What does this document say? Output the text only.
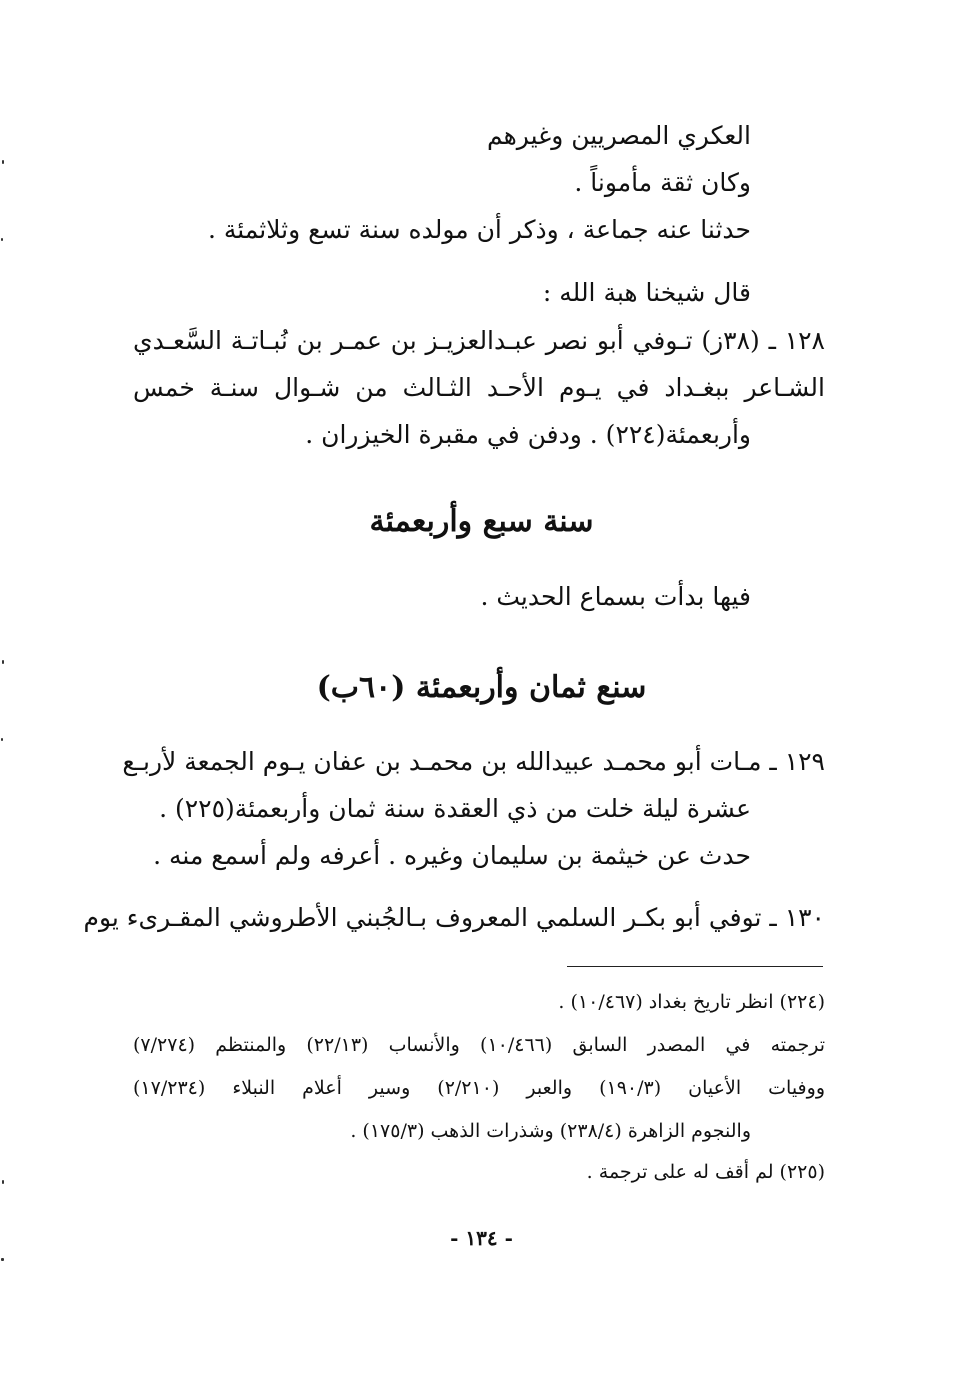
العكري المصريين وغيرهم
وكان ثقة مأموناً .
حدثنا عنه جماعة ، وذكر أن مولده سنة تسع وثلاثمئة .
قال شيخنا هبة الله :
١٢٨ ـ (٣٨ز) تـوفي أبو نصر عبـدالعزيـز بن عمـر بن نُبـاتـة السَّعـدي
الشـاعر ببغـداد في يـوم الأحـد الثـالث من شـوال سنـة خمس
وأربعمئة(٢٢٤) . ودفن في مقبرة الخيزران .
سنة سبع وأربعمئة
فيها بدأت بسماع الحديث .
سنع ثمان وأربعمئة (٦٠ب)
١٢٩ ـ مـات أبو محمـد عبيدالله بن محمـد بن عفان يـوم الجمعة لأربـع
عشرة ليلة خلت من ذي العقدة سنة ثمان وأربعمئة(٢٢٥) .
حدث عن خيثمة بن سليمان وغيره . أعرفه ولم أسمع منه .
١٣٠ ـ توفي أبو بكـر السلمي المعروف بـالجُبني الأطروشي المقـرىء يوم
(٢٢٤) انظر تاريخ بغداد (١٠/٤٦٧) .
ترجمته في المصدر السابق (١٠/٤٦٦) والأنساب (٢٢/١٣) والمنتظم (٧/٢٧٤)
ووفيات الأعيان (١٩٠/٣) والعبر (٢/٢١٠) وسير أعلام النبلاء (١٧/٢٣٤)
والنجوم الزاهرة (٢٣٨/٤) وشذرات الذهب (١٧٥/٣) .
(٢٢٥) لم أقف له على ترجمة .
- ١٣٤ -
